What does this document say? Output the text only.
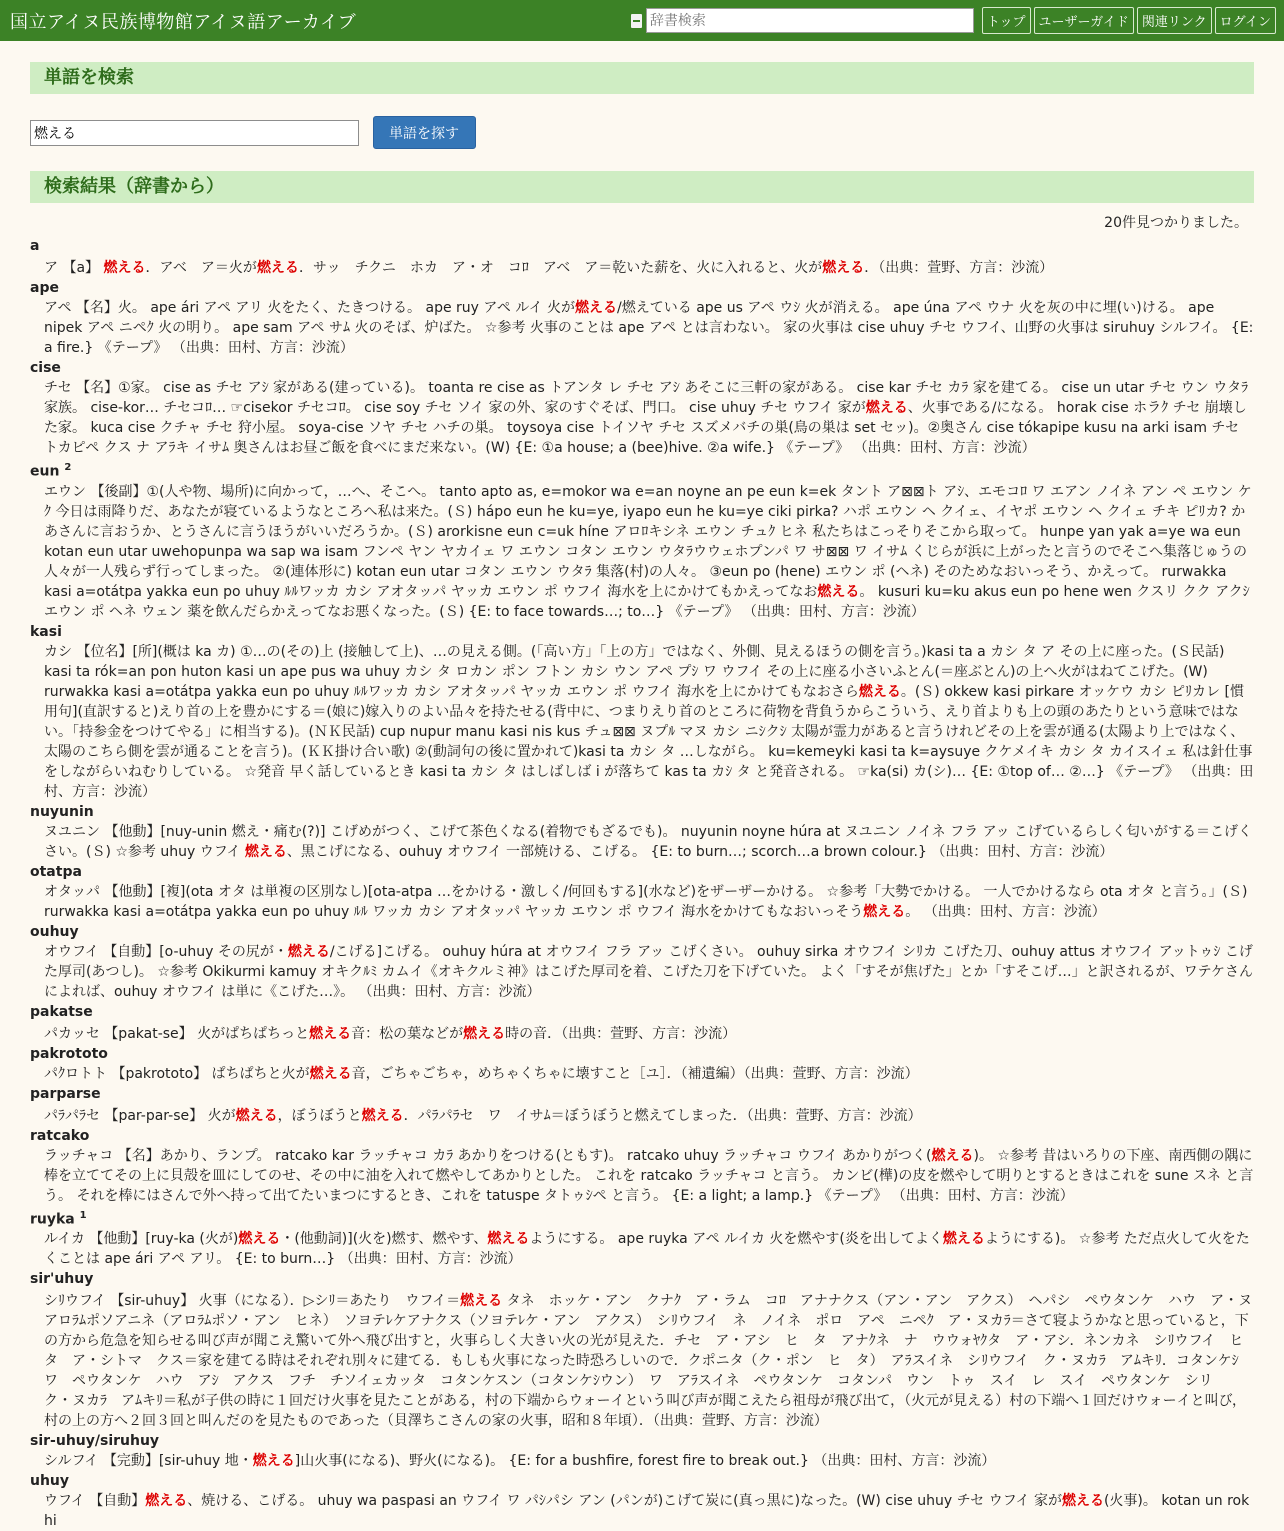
国立アイヌ民族博物館アイヌ語アーカイブ
辞書検索	トップ	ユーザーガイド	関連リンク	ログイン
単語を検索
燃える
単語を探す
検索結果（辞書から）
20件見つかりました。
a
ア 【a】 燃える．アベ　ア＝火が燃える．サッ　チクニ　ホカ　ア・オ　コﾛ　アベ　ア＝乾いた薪を、火に入れると、火が燃える．（出典：萱野、方言：沙流）
ape
アペ 【名】火。 ape ári アペ アリ 火をたく、たきつける。 ape ruy アペ ルイ 火が燃える/燃えている ape us アペ ウｼ 火が消える。 ape úna アペ ウナ 火を灰の中に埋(い)ける。 ape nipek アペ ニペｸ 火の明り。 ape sam アペ サﾑ 火のそば、炉ばた。 ☆参考 火事のことは ape アペ とは言わない。 家の火事は cise uhuy チセ ウフイ、山野の火事は siruhuy シルフイ。 {E: a fire.} 《テープ》 （出典：田村、方言：沙流）
cise
チセ 【名】①家。 cise as チセ アｼ 家がある(建っている)。 toanta re cise as トアンタ レ チセ アｼ あそこに三軒の家がある。 cise kar チセ カﾗ 家を建てる。 cise un utar チセ ウン ウタﾗ 家族。 cise-kor… チセコﾛ… ☞cisekor チセコﾛ。 cise soy チセ ソイ 家の外、家のすぐそば、門口。 cise uhuy チセ ウフイ 家が燃える、火事である/になる。 horak cise ホラｸ チセ 崩壊した家。 kuca cise クチャ チセ 狩小屋。 soya-cise ソヤ チセ ハチの巣。 toysoya cise トイソヤ チセ スズメバチの巣(鳥の巣は set セッ)。②奥さん cise tókapipe kusu na arki isam チセ トカピペ クス ナ アﾗキ イサﾑ 奥さんはお昼ご飯を食べにまだ来ない。(W) {E: ①a house; a (bee)hive. ②a wife.} 《テープ》 （出典：田村、方言：沙流）
eun $^2$
エウン 【後副】①(人や物、場所)に向かって，…へ、そこへ。 tanto apto as, e=mokor wa e=an noyne an pe eun k=ek タント ア⊠⊠ト アｼ、エモコﾛ ワ エアン ノイネ アン ペ エウン ケｸ 今日は雨降りだ、あなたが寝ているようなところへ私は来た。(Ｓ) hápo eun he ku=ye, iyapo eun he ku=ye ciki pirka? ハポ エウン ヘ クイェ、イヤポ エウン ヘ クイェ チキ ピﾘカ? かあさんに言おうか、とうさんに言うほうがいいだろうか。(Ｓ) arorkisne eun c=uk híne アロﾛキシネ エウン チュｸ ヒネ 私たちはこっそりそこから取って。 hunpe yan yak a=ye wa eun kotan eun utar uwehopunpa wa sap wa isam フンペ ヤン ヤカイェ ワ エウン コタン エウン ウタﾗウウェホプンパ ワ サ⊠⊠ ワ イサﾑ くじらが浜に上がったと言うのでそこへ集落じゅうの人々が一人残らず行ってしまった。 ②(連体形に) kotan eun utar コタン エウン ウタﾗ 集落(村)の人々。 ③eun po (hene) エウン ポ (ヘネ) そのためなおいっそう、かえって。 rurwakka kasi a=otátpa yakka eun po uhuy ﾙﾙワッカ カシ アオタッパ ヤッカ エウン ポ ウフイ 海水を上にかけてもかえってなお燃える。 kusuri ku=ku akus eun po hene wen クスリ クク アクｼ エウン ポ ヘネ ウェン 薬を飲んだらかえってなお悪くなった。(Ｓ) {E: to face towards…; to…} 《テープ》 （出典：田村、方言：沙流）
kasi
カシ 【位名】[所](概は ka カ) ①…の(その)上 (接触して上)、…の見える側。(「高い方」「上の方」ではなく、外側、見えるほうの側を言う。)kasi ta a カシ タ ア その上に座った。(Ｓ民話) kasi ta rók=an pon huton kasi un ape pus wa uhuy カシ タ ロカン ポン フトン カシ ウン アペ プｼ ワ ウフイ その上に座る小さいふとん(＝座ぶとん)の上へ火がはねてこげた。(W) rurwakka kasi a=otátpa yakka eun po uhuy ﾙﾙワッカ カシ アオタッパ ヤッカ エウン ポ ウフイ 海水を上にかけてもなおさら燃える。(Ｓ) okkew kasi pirkare オッケウ カシ ピﾘカレ [慣用句](直訳すると)えり首の上を豊かにする＝(娘に)嫁入りのよい品々を持たせる(背中に、つまりえり首のところに荷物を背負うからこういう、えり首よりも上の頭のあたりという意味ではない。「持参金をつけてやる」に相当する)。(ＮＫ民話) cup nupur manu kasi nis kus チュ⊠⊠ ヌプﾙ マヌ カシ ニｼクｼ 太陽が霊力があると言うけれどその上を雲が通る(太陽より上ではなく、太陽のこちら側を雲が通ることを言う)。(ＫＫ掛け合い歌) ②(動詞句の後に置かれて)kasi ta カシ タ …しながら。 ku=kemeyki kasi ta k=aysuye クケメイキ カシ タ カイスイェ 私は針仕事をしながらいねむりしている。 ☆発音 早く話しているとき kasi ta カシ タ はしばしば i が落ちて kas ta カｼ タ と発音される。 ☞ka(si) カ(シ)… {E: ①top of… ②…} 《テープ》 （出典：田村、方言：沙流）
nuyunin
ヌユニン 【他動】[nuy-unin 燃え・痛む(?)] こげめがつく、こげて茶色くなる(着物でもざるでも)。 nuyunin noyne húra at ヌユニン ノイネ フラ アッ こげているらしく匂いがする＝こげくさい。(Ｓ) ☆参考 uhuy ウフイ 燃える、黒こげになる、ouhuy オウフイ 一部焼ける、こげる。 {E: to burn…; scorch…a brown colour.} （出典：田村、方言：沙流）
otatpa
オタッパ 【他動】[複](ota オタ は単複の区別なし)[ota-atpa …をかける・激しく/何回もする](水など)をザーザーかける。 ☆参考「大勢でかける。 一人でかけるなら ota オタ と言う。」(Ｓ) rurwakka kasi a=otátpa yakka eun po uhuy ﾙﾙ ワッカ カシ アオタッパ ヤッカ エウン ポ ウフイ 海水をかけてもなおいっそう燃える。 （出典：田村、方言：沙流）
ouhuy
オウフイ 【自動】[o-uhuy その尻が・燃える/こげる]こげる。 ouhuy húra at オウフイ フラ アッ こげくさい。 ouhuy sirka オウフイ シﾘカ こげた刀、ouhuy attus オウフイ アットゥｼ こげた厚司(あつし)。 ☆参考 Okikurmi kamuy オキクﾙﾐ カムイ《オキクルミ神》はこげた厚司を着、こげた刀を下げていた。 よく「すそが焦げた」とか「すそこげ…」と訳されるが、ワテケさんによれば、ouhuy オウフイ は単に《こげた…》。 （出典：田村、方言：沙流）
pakatse
パカッセ 【pakat-se】 火がぱちぱちっと燃える音：松の葉などが燃える時の音．（出典：萱野、方言：沙流）
pakrototo
パｸロトト 【pakrototo】 ぱちぱちと火が燃える音，ごちゃごちゃ，めちゃくちゃに壊すこと［ユ］．（補遺編）（出典：萱野、方言：沙流）
parparse
パﾗパﾗセ 【par-par-se】 火が燃える，ぼうぼうと燃える．パﾗパﾗセ　ワ　イサﾑ＝ぼうぼうと燃えてしまった．（出典：萱野、方言：沙流）
ratcako
ラッチャコ 【名】あかり、ランプ。 ratcako kar ラッチャコ カﾗ あかりをつける(ともす)。 ratcako uhuy ラッチャコ ウフイ あかりがつく(燃える)。 ☆参考 昔はいろりの下座、南西側の隅に棒を立ててその上に貝殻を皿にしてのせ、その中に油を入れて燃やしてあかりとした。 これを ratcako ラッチャコ と言う。 カンビ(樺)の皮を燃やして明りとするときはこれを sune スネ と言う。 それを棒にはさんで外へ持って出てたいまつにするとき、これを tatuspe タトゥｼペ と言う。 {E: a light; a lamp.} 《テープ》 （出典：田村、方言：沙流）
ruyka $^1$
ルイカ 【他動】[ruy-ka (火が)燃える・(他動詞)](火を)燃す、燃やす、燃えるようにする。 ape ruyka アペ ルイカ 火を燃やす(炎を出してよく燃えるようにする)。 ☆参考 ただ点火して火をたくことは ape ári アペ アリ。 {E: to burn…} （出典：田村、方言：沙流）
sir'uhuy
シﾘウフイ 【sir-uhuy】 火事（になる）．▷シﾘ＝あたり　ウフイ＝燃える タネ　ホッケ・アン　クナｸ　ア・ラム　コﾛ　アナナクス（アン・アン　アクス）　ヘパシ　ペウタンケ　ハウ　ア・ヌ　アロﾗﾑポソアニネ（アロﾗﾑポソ・アン　ヒネ）　ソヨテﾚケアナクス（ソヨテﾚケ・アン　アクス）　シﾘウフイ　ネ　ノイネ　ポロ　アペ　ニペｸ　ア・ヌカﾗ＝さて寝ようかなと思っていると，下の方から危急を知らせる叫び声が聞こえ驚いて外へ飛び出すと，火事らしく大きい火の光が見えた．チセ　ア・アシ　ヒ　タ　アナｸネ　ナ　ウウォﾔｸタ　ア・アシ．ネンカネ　シﾘウフイ　ヒ　タ　ア・シトマ　クス＝家を建てる時はそれぞれ別々に建てる．もしも火事になった時恐ろしいので．クポニタ（ク・ポン　ヒ　タ）　アﾗスイネ　シﾘウフイ　ク・ヌカﾗ　アﾑキﾘ．コタンケｼ　ワ　ペウタンケ　ハウ　アｼ　アクス　フチ　チソイェカッタ　コタンケスン（コタンケｼウン）　ワ　アﾗスイネ　ペウタンケ　コタンパ　ウン　トゥ　スイ　レ　スイ　ペウタンケ　シリ　ク・ヌカﾗ　アﾑキﾘ＝私が子供の時に１回だけ火事を見たことがある，村の下端からウォーイという叫び声が聞こえたら祖母が飛び出て，（火元が見える）村の下端へ１回だけウォーイと叫び，村の上の方へ２回３回と叫んだのを見たものであった（貝澤ちこさんの家の火事，昭和８年頃）．（出典：萱野、方言：沙流）
sir-uhuy/siruhuy
シルフイ 【完動】[sir-uhuy 地・燃える]山火事(になる)、野火(になる)。 {E: for a bushfire, forest fire to break out.} （出典：田村、方言：沙流）
uhuy
ウフイ 【自動】燃える、焼ける、こげる。 uhuy wa paspasi an ウフイ ワ パｼパシ アン (パンが)こげて炭に(真っ黒に)なった。(W) cise uhuy チセ ウフイ 家が燃える(火事)。 kotan un rok hi
